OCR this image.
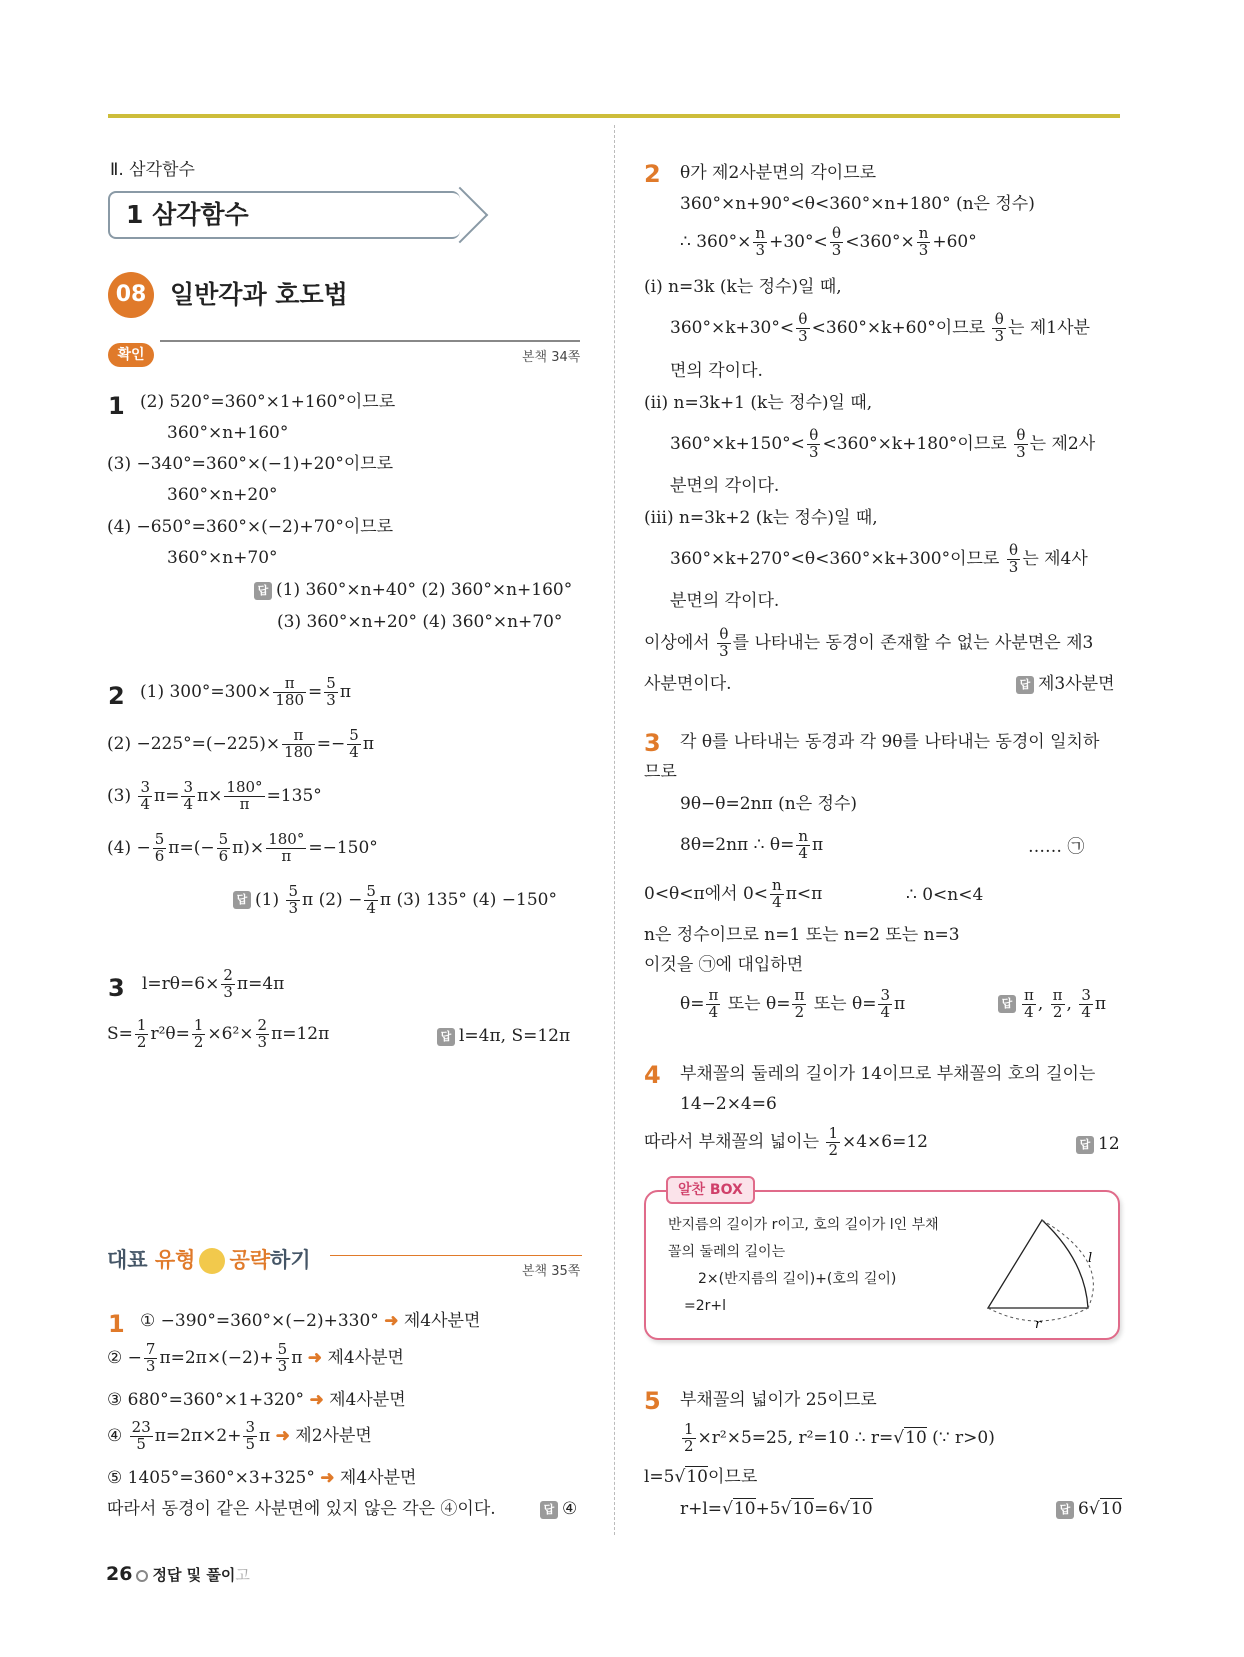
Ⅱ. 삼각함수
1 삼각함수
08 일반각과 호도법
확인	본책 34쪽
1 (2) 520°=360°×1+160°이므로
360°×n+160°
(3) −340°=360°×(−1)+20°이므로
360°×n+20°
(4) −650°=360°×(−2)+70°이므로
360°×n+70°
답 (1) 360°×n+40° (2) 360°×n+160°
(3) 360°×n+20° (4) 360°×n+70°
2 (1) $300^\circ=300\times \frac{\pi}{180} = \frac{5}{3}$ π
$(2) -225^\circ=(-225)\times \frac{\pi}{180} =- \frac{5}{4}$ π
$(3) \frac{3}{4} \pi= \frac{3}{4} \pi\times \frac{180^\circ}{\pi} =135^\circ$
$(4) - \frac{5}{6} \pi=(- \frac{5}{6} \pi)\times \frac{180^\circ}{\pi} =-150^\circ$
답 $(1) \frac{5}{3}$ π $(2) - \frac{5}{4}$ π (3) 135° (4) −150°
3 $l=r\theta=6\times \frac{2}{3} \pi=4\pi$
$S= \frac{1}{2} r^2\theta= \frac{1}{2} \times 6^2\times \frac{2}{3} \pi=12\pi$	답 l=4π, S=12π
대표 유형 공략하기	본책 35쪽
1 ① −390°=360°×(−2)+330° ➜ 제4사분면
② − $\frac{7}{3} \pi=2\pi\times(-2)+ \frac{5}{3}$ π ➜ 제4사분면
③ 680°=360°×1+320° ➜ 제4사분면
④ $\frac{23}{5} \pi=2\pi\times 2+ \frac{3}{5}$ π ➜ 제2사분면
⑤ 1405°=360°×3+325° ➜ 제4사분면
따라서 동경이 같은 사분면에 있지 않은 각은 ④이다.	답 ④
2 θ가 제2사분면의 각이므로
360°×n+90°<θ<360°×n+180° (n은 정수)
∴ $360^\circ\times \frac{n}{3} +30^\circ< \frac{\theta}{3} <360^\circ\times \frac{n}{3} +60^\circ$
(ⅰ) n=3k (k는 정수)일 때,
$360^\circ\times k+30^\circ< \frac{\theta}{3} <360^\circ\times k+60^\circ$이므로 $\frac{\theta}{3}$ 는 제1사분
면의 각이다.
(ⅱ) n=3k+1 (k는 정수)일 때,
$360^\circ\times k+150^\circ< \frac{\theta}{3} <360^\circ\times k+180^\circ$이므로 $\frac{\theta}{3}$ 는 제2사
분면의 각이다.
(ⅲ) n=3k+2 (k는 정수)일 때,
360°×k+270°<θ<360°×k+300°이므로 $\frac{\theta}{3}$ 는 제4사
분면의 각이다.
이상에서 $\frac{\theta}{3}$ 를 나타내는 동경이 존재할 수 없는 사분면은 제3
사분면이다.	답 제3사분면
3 각 θ를 나타내는 동경과 각 9θ를 나타내는 동경이 일치하
므로
9θ−θ=2nπ (n은 정수)
8θ=2nπ ∴ $\theta= \frac{n}{4}$ π	…… ㉠
0<θ<π에서 $0< \frac{n}{4} \pi<\pi$	∴ 0<n<4
n은 정수이므로 n=1 또는 n=2 또는 n=3
이것을 ㉠에 대입하면
$\theta= \frac{\pi}{4}$ 또는 $\theta= \frac{\pi}{2}$ 또는 $\theta= \frac{3}{4}$ π	답 $\frac{\pi}{4}$ , $\frac{\pi}{2}$ , $\frac{3}{4}$ π
4 부채꼴의 둘레의 길이가 14이므로 부채꼴의 호의 길이는
14−2×4=6
따라서 부채꼴의 넓이는 $\frac{1}{2} \times 4\times 6=12$	답 12
알찬 BOX
반지름의 길이가 r이고, 호의 길이가 l인 부채
꼴의 둘레의 길이는
2×(반지름의 길이)+(호의 길이)
=2r+l
l
r
5 부채꼴의 넓이가 25이므로
$\frac{1}{2} \times r^2\times 5=25$, r²=10 ∴ r=√10 (∵ r>0)
l=5√10이므로
r+l=√10+5√10=6√10	답 6√10
26 정답 및 풀이고
